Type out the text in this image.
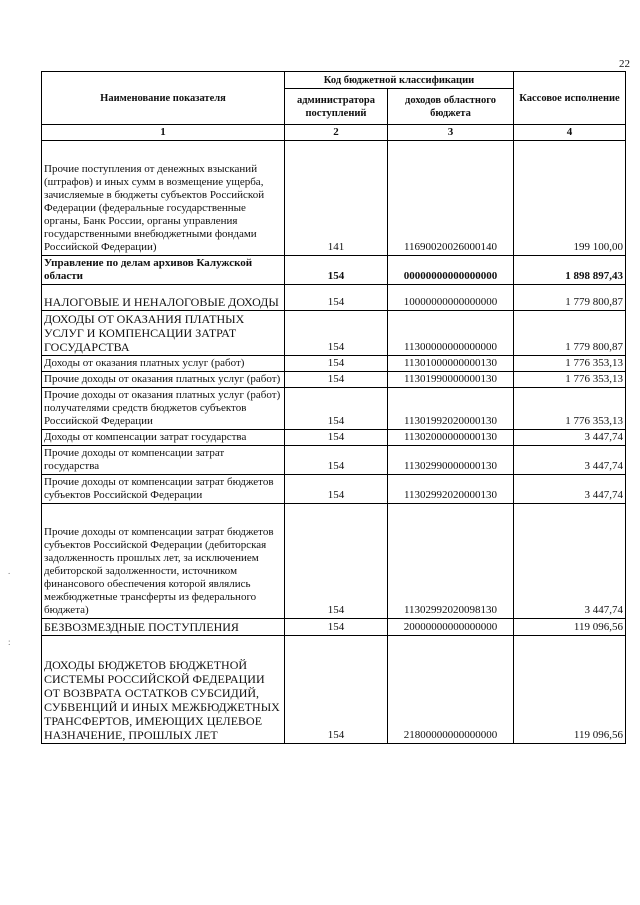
22
.
:
Наименование показателя	Код бюджетной классификации		Кассовое исполнение
	администратора поступлений	доходов областного бюджета	
1	2	3	4
Прочие поступления от денежных взысканий (штрафов) и иных сумм в возмещение ущерба, зачисляемые в бюджеты субъектов Российской Федерации (федеральные государственные органы, Банк России, органы управления государственными внебюджетными фондами Российской Федерации)	141	11690020026000140	199 100,00
Управление по делам архивов Калужской области	154	00000000000000000	1 898 897,43
НАЛОГОВЫЕ И НЕНАЛОГОВЫЕ ДОХОДЫ	154	10000000000000000	1 779 800,87
ДОХОДЫ ОТ ОКАЗАНИЯ ПЛАТНЫХ УСЛУГ И КОМПЕНСАЦИИ ЗАТРАТ ГОСУДАРСТВА	154	11300000000000000	1 779 800,87
Доходы от оказания платных услуг (работ)	154	11301000000000130	1 776 353,13
Прочие доходы от оказания платных услуг (работ)	154	11301990000000130	1 776 353,13
Прочие доходы от оказания платных услуг (работ) получателями средств бюджетов субъектов Российской Федерации	154	11301992020000130	1 776 353,13
Доходы от компенсации затрат государства	154	11302000000000130	3 447,74
Прочие доходы от компенсации затрат государства	154	11302990000000130	3 447,74
Прочие доходы от компенсации затрат бюджетов субъектов Российской Федерации	154	11302992020000130	3 447,74
Прочие доходы от компенсации затрат бюджетов субъектов Российской Федерации (дебиторская задолженность прошлых лет, за исключением дебиторской задолженности, источником финансового обеспечения которой являлись межбюджетные трансферты из федерального бюджета)	154	11302992020098130	3 447,74
БЕЗВОЗМЕЗДНЫЕ ПОСТУПЛЕНИЯ	154	20000000000000000	119 096,56
ДОХОДЫ БЮДЖЕТОВ БЮДЖЕТНОЙ СИСТЕМЫ РОССИЙСКОЙ ФЕДЕРАЦИИ ОТ ВОЗВРАТА ОСТАТКОВ СУБСИДИЙ, СУБВЕНЦИЙ И ИНЫХ МЕЖБЮДЖЕТНЫХ ТРАНСФЕРТОВ, ИМЕЮЩИХ ЦЕЛЕВОЕ НАЗНАЧЕНИЕ, ПРОШЛЫХ ЛЕТ	154	21800000000000000	119 096,56
